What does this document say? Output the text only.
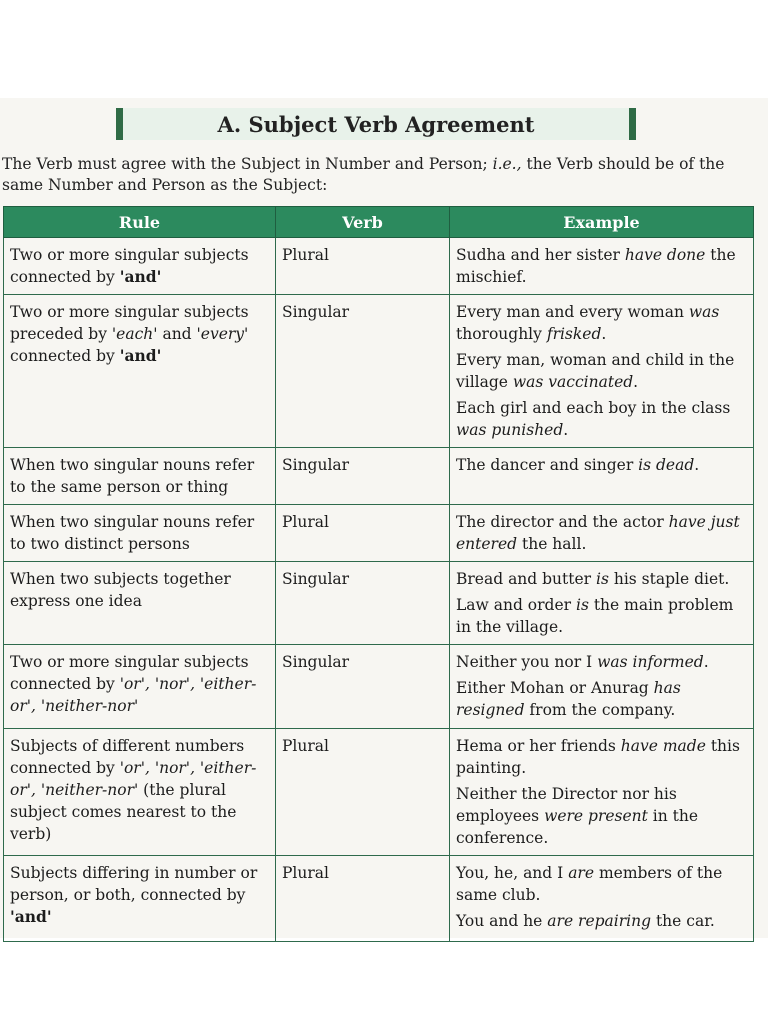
A. Subject Verb Agreement
The Verb must agree with the Subject in Number and Person; i.e., the Verb should be of the
same Number and Person as the Subject:
Rule	Verb	Example
Two or more singular subjects connected by 'and'	Plural	Sudha and her sister have done the mischief.

Two or more singular subjects preceded by 'each' and 'every' connected by 'and'	Singular	Every man and every woman was thoroughly frisked.
Every man, woman and child in the village was vaccinated.
Each girl and each boy in the class was punished.

When two singular nouns refer to the same person or thing	Singular	The dancer and singer is dead.

When two singular nouns refer to two distinct persons	Plural	The director and the actor have just entered the hall.

When two subjects together express one idea	Singular	Bread and butter is his staple diet.
Law and order is the main problem in the village.

Two or more singular subjects connected by 'or', 'nor', 'either-or', 'neither-nor'	Singular	Neither you nor I was informed.
Either Mohan or Anurag has resigned from the company.

Subjects of different numbers connected by 'or', 'nor', 'either-or', 'neither-nor' (the plural subject comes nearest to the verb)	Plural	Hema or her friends have made this painting.
Neither the Director nor his employees were present in the conference.

Subjects differing in number or person, or both, connected by 'and'	Plural	You, he, and I are members of the same club.
You and he are repairing the car.
